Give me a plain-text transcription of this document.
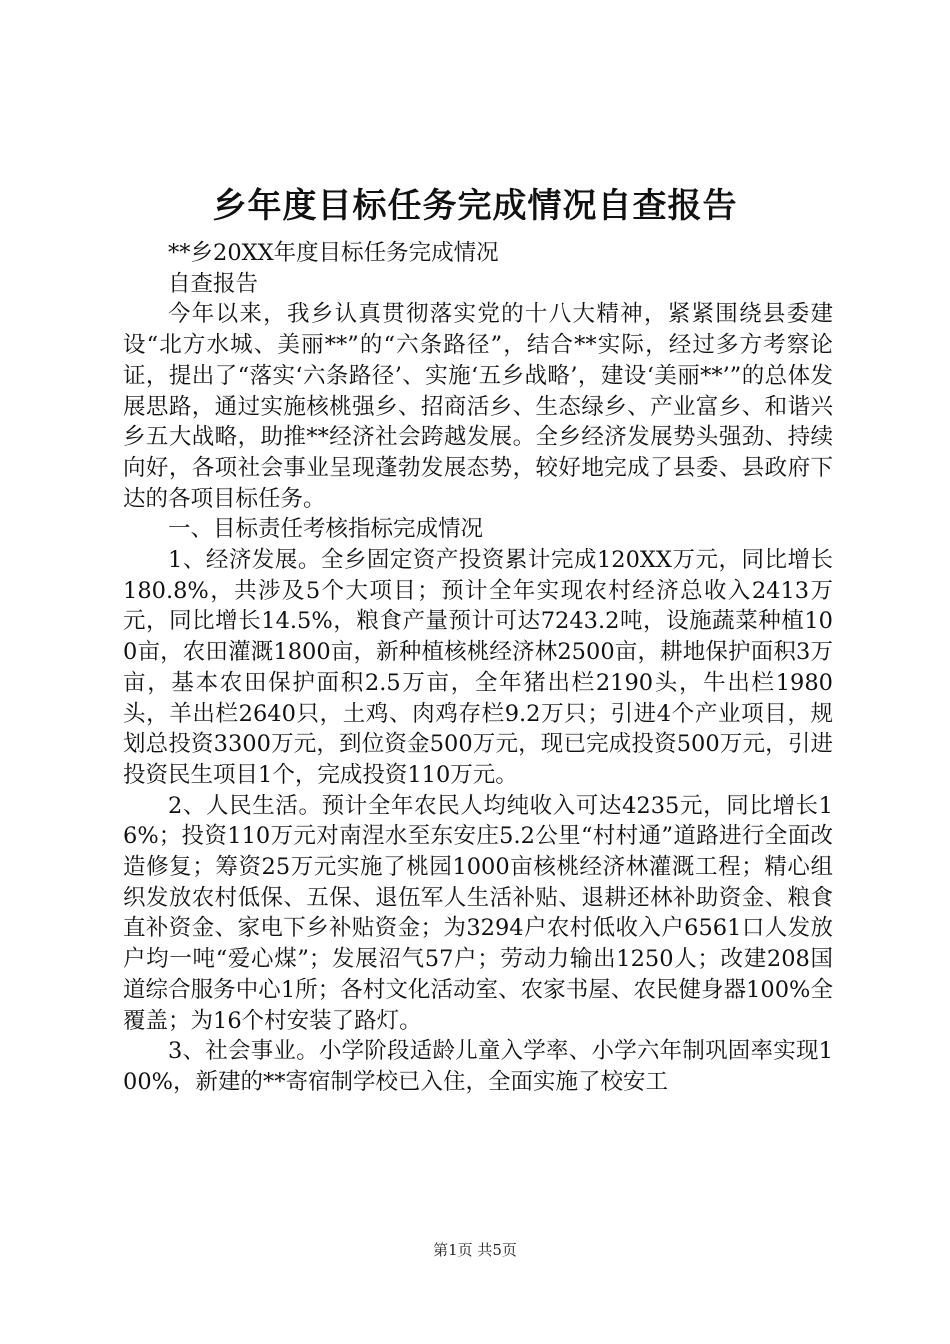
乡年度目标任务完成情况自查报告

**乡20XX年度目标任务完成情况

自查报告

今年以来，我乡认真贯彻落实党的十八大精神，紧紧围绕县委建设“北方水城、美丽**”的“六条路径”，结合**实际，经过多方考察论证，提出了“落实‘六条路径’、实施‘五乡战略’，建设‘美丽**’”的总体发展思路，通过实施核桃强乡、招商活乡、生态绿乡、产业富乡、和谐兴乡五大战略，助推**经济社会跨越发展。全乡经济发展势头强劲、持续向好，各项社会事业呈现蓬勃发展态势，较好地完成了县委、县政府下达的各项目标任务。

一、目标责任考核指标完成情况

1、经济发展。全乡固定资产投资累计完成120XX万元，同比增长180.8%，共涉及5个大项目；预计全年实现农村经济总收入2413万元，同比增长14.5%，粮食产量预计可达7243.2吨，设施蔬菜种植100亩，农田灌溉1800亩，新种植核桃经济林2500亩，耕地保护面积3万亩，基本农田保护面积2.5万亩，全年猪出栏2190头，牛出栏1980头，羊出栏2640只，土鸡、肉鸡存栏9.2万只；引进4个产业项目，规划总投资3300万元，到位资金500万元，现已完成投资500万元，引进投资民生项目1个，完成投资110万元。

2、人民生活。预计全年农民人均纯收入可达4235元，同比增长16%；投资110万元对南涅水至东安庄5.2公里“村村通”道路进行全面改造修复；筹资25万元实施了桃园1000亩核桃经济林灌溉工程；精心组织发放农村低保、五保、退伍军人生活补贴、退耕还林补助资金、粮食直补资金、家电下乡补贴资金；为3294户农村低收入户6561口人发放户均一吨“爱心煤”；发展沼气57户；劳动力输出1250人；改建208国道综合服务中心1所；各村文化活动室、农家书屋、农民健身器100%全覆盖；为16个村安装了路灯。

3、社会事业。小学阶段适龄儿童入学率、小学六年制巩固率实现100%，新建的**寄宿制学校已入住，全面实施了校安工

第1页 共5页
